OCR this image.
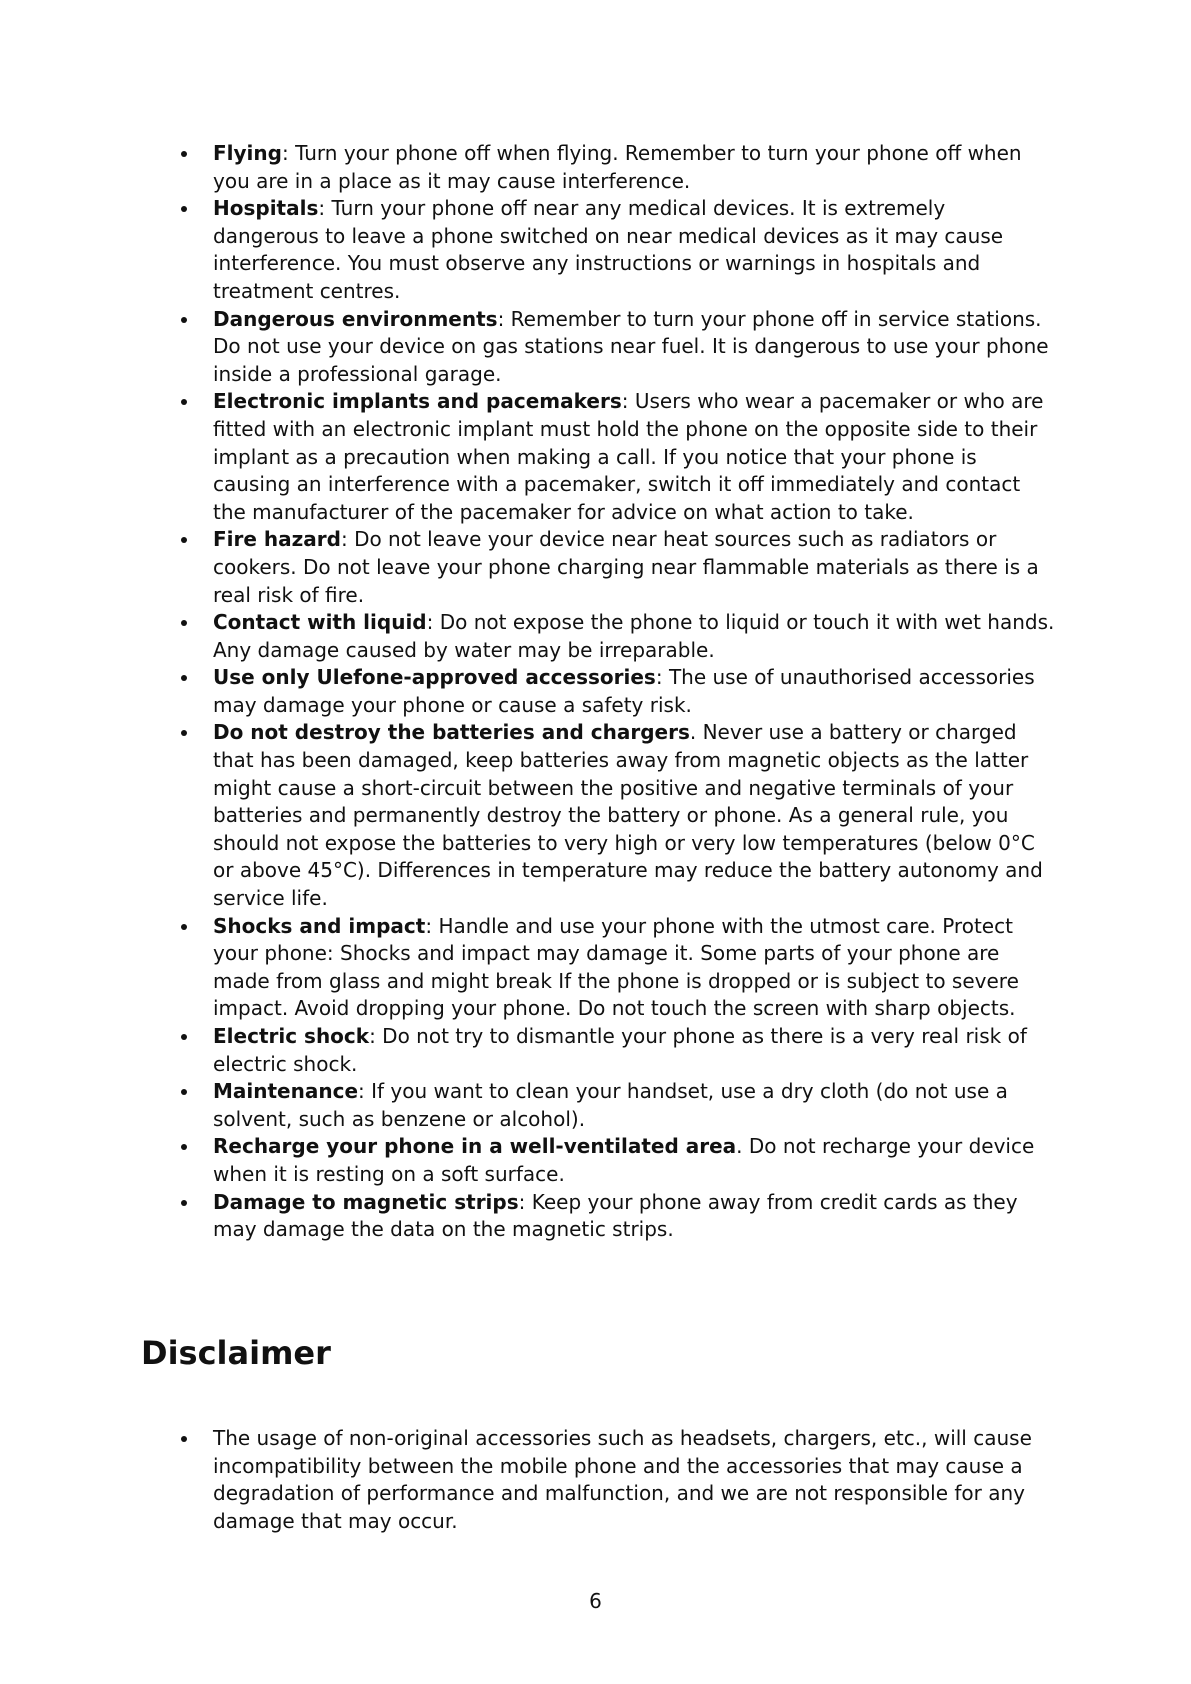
Flying: Turn your phone off when flying. Remember to turn your phone off when you are in a place as it may cause interference.
Hospitals: Turn your phone off near any medical devices. It is extremely dangerous to leave a phone switched on near medical devices as it may cause interference. You must observe any instructions or warnings in hospitals and treatment centres.
Dangerous environments: Remember to turn your phone off in service stations. Do not use your device on gas stations near fuel. It is dangerous to use your phone inside a professional garage.
Electronic implants and pacemakers: Users who wear a pacemaker or who are fitted with an electronic implant must hold the phone on the opposite side to their implant as a precaution when making a call. If you notice that your phone is causing an interference with a pacemaker, switch it off immediately and contact the manufacturer of the pacemaker for advice on what action to take.
Fire hazard: Do not leave your device near heat sources such as radiators or cookers. Do not leave your phone charging near flammable materials as there is a real risk of fire.
Contact with liquid: Do not expose the phone to liquid or touch it with wet hands. Any damage caused by water may be irreparable.
Use only Ulefone-approved accessories: The use of unauthorised accessories may damage your phone or cause a safety risk.
Do not destroy the batteries and chargers. Never use a battery or charged that has been damaged, keep batteries away from magnetic objects as the latter might cause a short-circuit between the positive and negative terminals of your batteries and permanently destroy the battery or phone. As a general rule, you should not expose the batteries to very high or very low temperatures (below 0°C or above 45°C). Differences in temperature may reduce the battery autonomy and service life.
Shocks and impact: Handle and use your phone with the utmost care. Protect your phone: Shocks and impact may damage it. Some parts of your phone are made from glass and might break If the phone is dropped or is subject to severe impact. Avoid dropping your phone. Do not touch the screen with sharp objects.
Electric shock: Do not try to dismantle your phone as there is a very real risk of electric shock.
Maintenance: If you want to clean your handset, use a dry cloth (do not use a solvent, such as benzene or alcohol).
Recharge your phone in a well-ventilated area. Do not recharge your device when it is resting on a soft surface.
Damage to magnetic strips: Keep your phone away from credit cards as they may damage the data on the magnetic strips.
Disclaimer
The usage of non-original accessories such as headsets, chargers, etc., will cause incompatibility between the mobile phone and the accessories that may cause a degradation of performance and malfunction, and we are not responsible for any damage that may occur.
6
